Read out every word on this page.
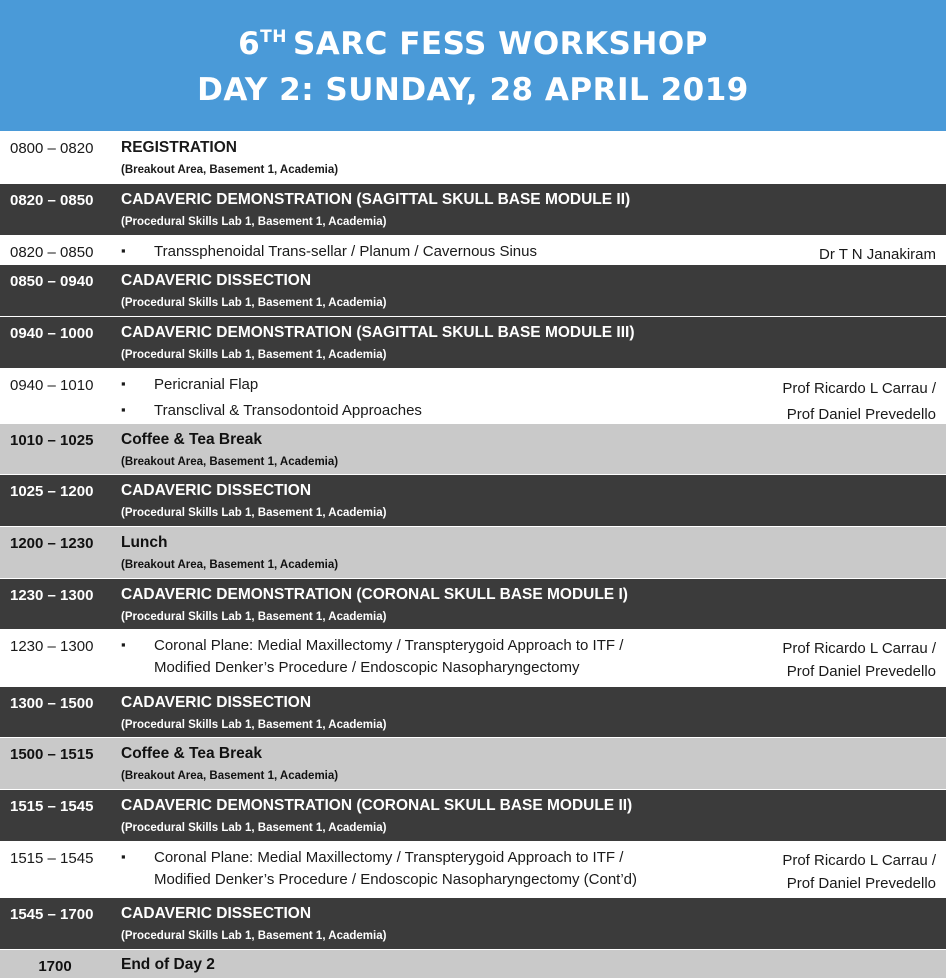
6TH SARC FESS WORKSHOP
DAY 2: SUNDAY, 28 APRIL 2019
0800 – 0820	REGISTRATION
(Breakout Area, Basement 1, Academia)
0820 – 0850	CADAVERIC DEMONSTRATION (SAGITTAL SKULL BASE MODULE II)
(Procedural Skills Lab 1, Basement 1, Academia)
0820 – 0850	▪	Transsphenoidal Trans-sellar / Planum / Cavernous Sinus	Dr T N Janakiram
0850 – 0940	CADAVERIC DISSECTION
(Procedural Skills Lab 1, Basement 1, Academia)
0940 – 1000	CADAVERIC DEMONSTRATION (SAGITTAL SKULL BASE MODULE III)
(Procedural Skills Lab 1, Basement 1, Academia)
0940 – 1010	▪	Pericranial Flap
▪	Transclival & Transodontoid Approaches
Prof Ricardo L Carrau /
Prof Daniel Prevedello
1010 – 1025	Coffee & Tea Break
(Breakout Area, Basement 1, Academia)
1025 – 1200	CADAVERIC DISSECTION
(Procedural Skills Lab 1, Basement 1, Academia)
1200 – 1230	Lunch
(Breakout Area, Basement 1, Academia)
1230 – 1300	CADAVERIC DEMONSTRATION (CORONAL SKULL BASE MODULE I)
(Procedural Skills Lab 1, Basement 1, Academia)
1230 – 1300	▪	Coronal Plane: Medial Maxillectomy / Transpterygoid Approach to ITF /
Modified Denker’s Procedure / Endoscopic Nasopharyngectomy
Prof Ricardo L Carrau /
Prof Daniel Prevedello
1300 – 1500	CADAVERIC DISSECTION
(Procedural Skills Lab 1, Basement 1, Academia)
1500 – 1515	Coffee & Tea Break
(Breakout Area, Basement 1, Academia)
1515 – 1545	CADAVERIC DEMONSTRATION (CORONAL SKULL BASE MODULE II)
(Procedural Skills Lab 1, Basement 1, Academia)
1515 – 1545	▪	Coronal Plane: Medial Maxillectomy / Transpterygoid Approach to ITF /
Modified Denker’s Procedure / Endoscopic Nasopharyngectomy (Cont’d)
Prof Ricardo L Carrau /
Prof Daniel Prevedello
1545 – 1700	CADAVERIC DISSECTION
(Procedural Skills Lab 1, Basement 1, Academia)
1700	End of Day 2
